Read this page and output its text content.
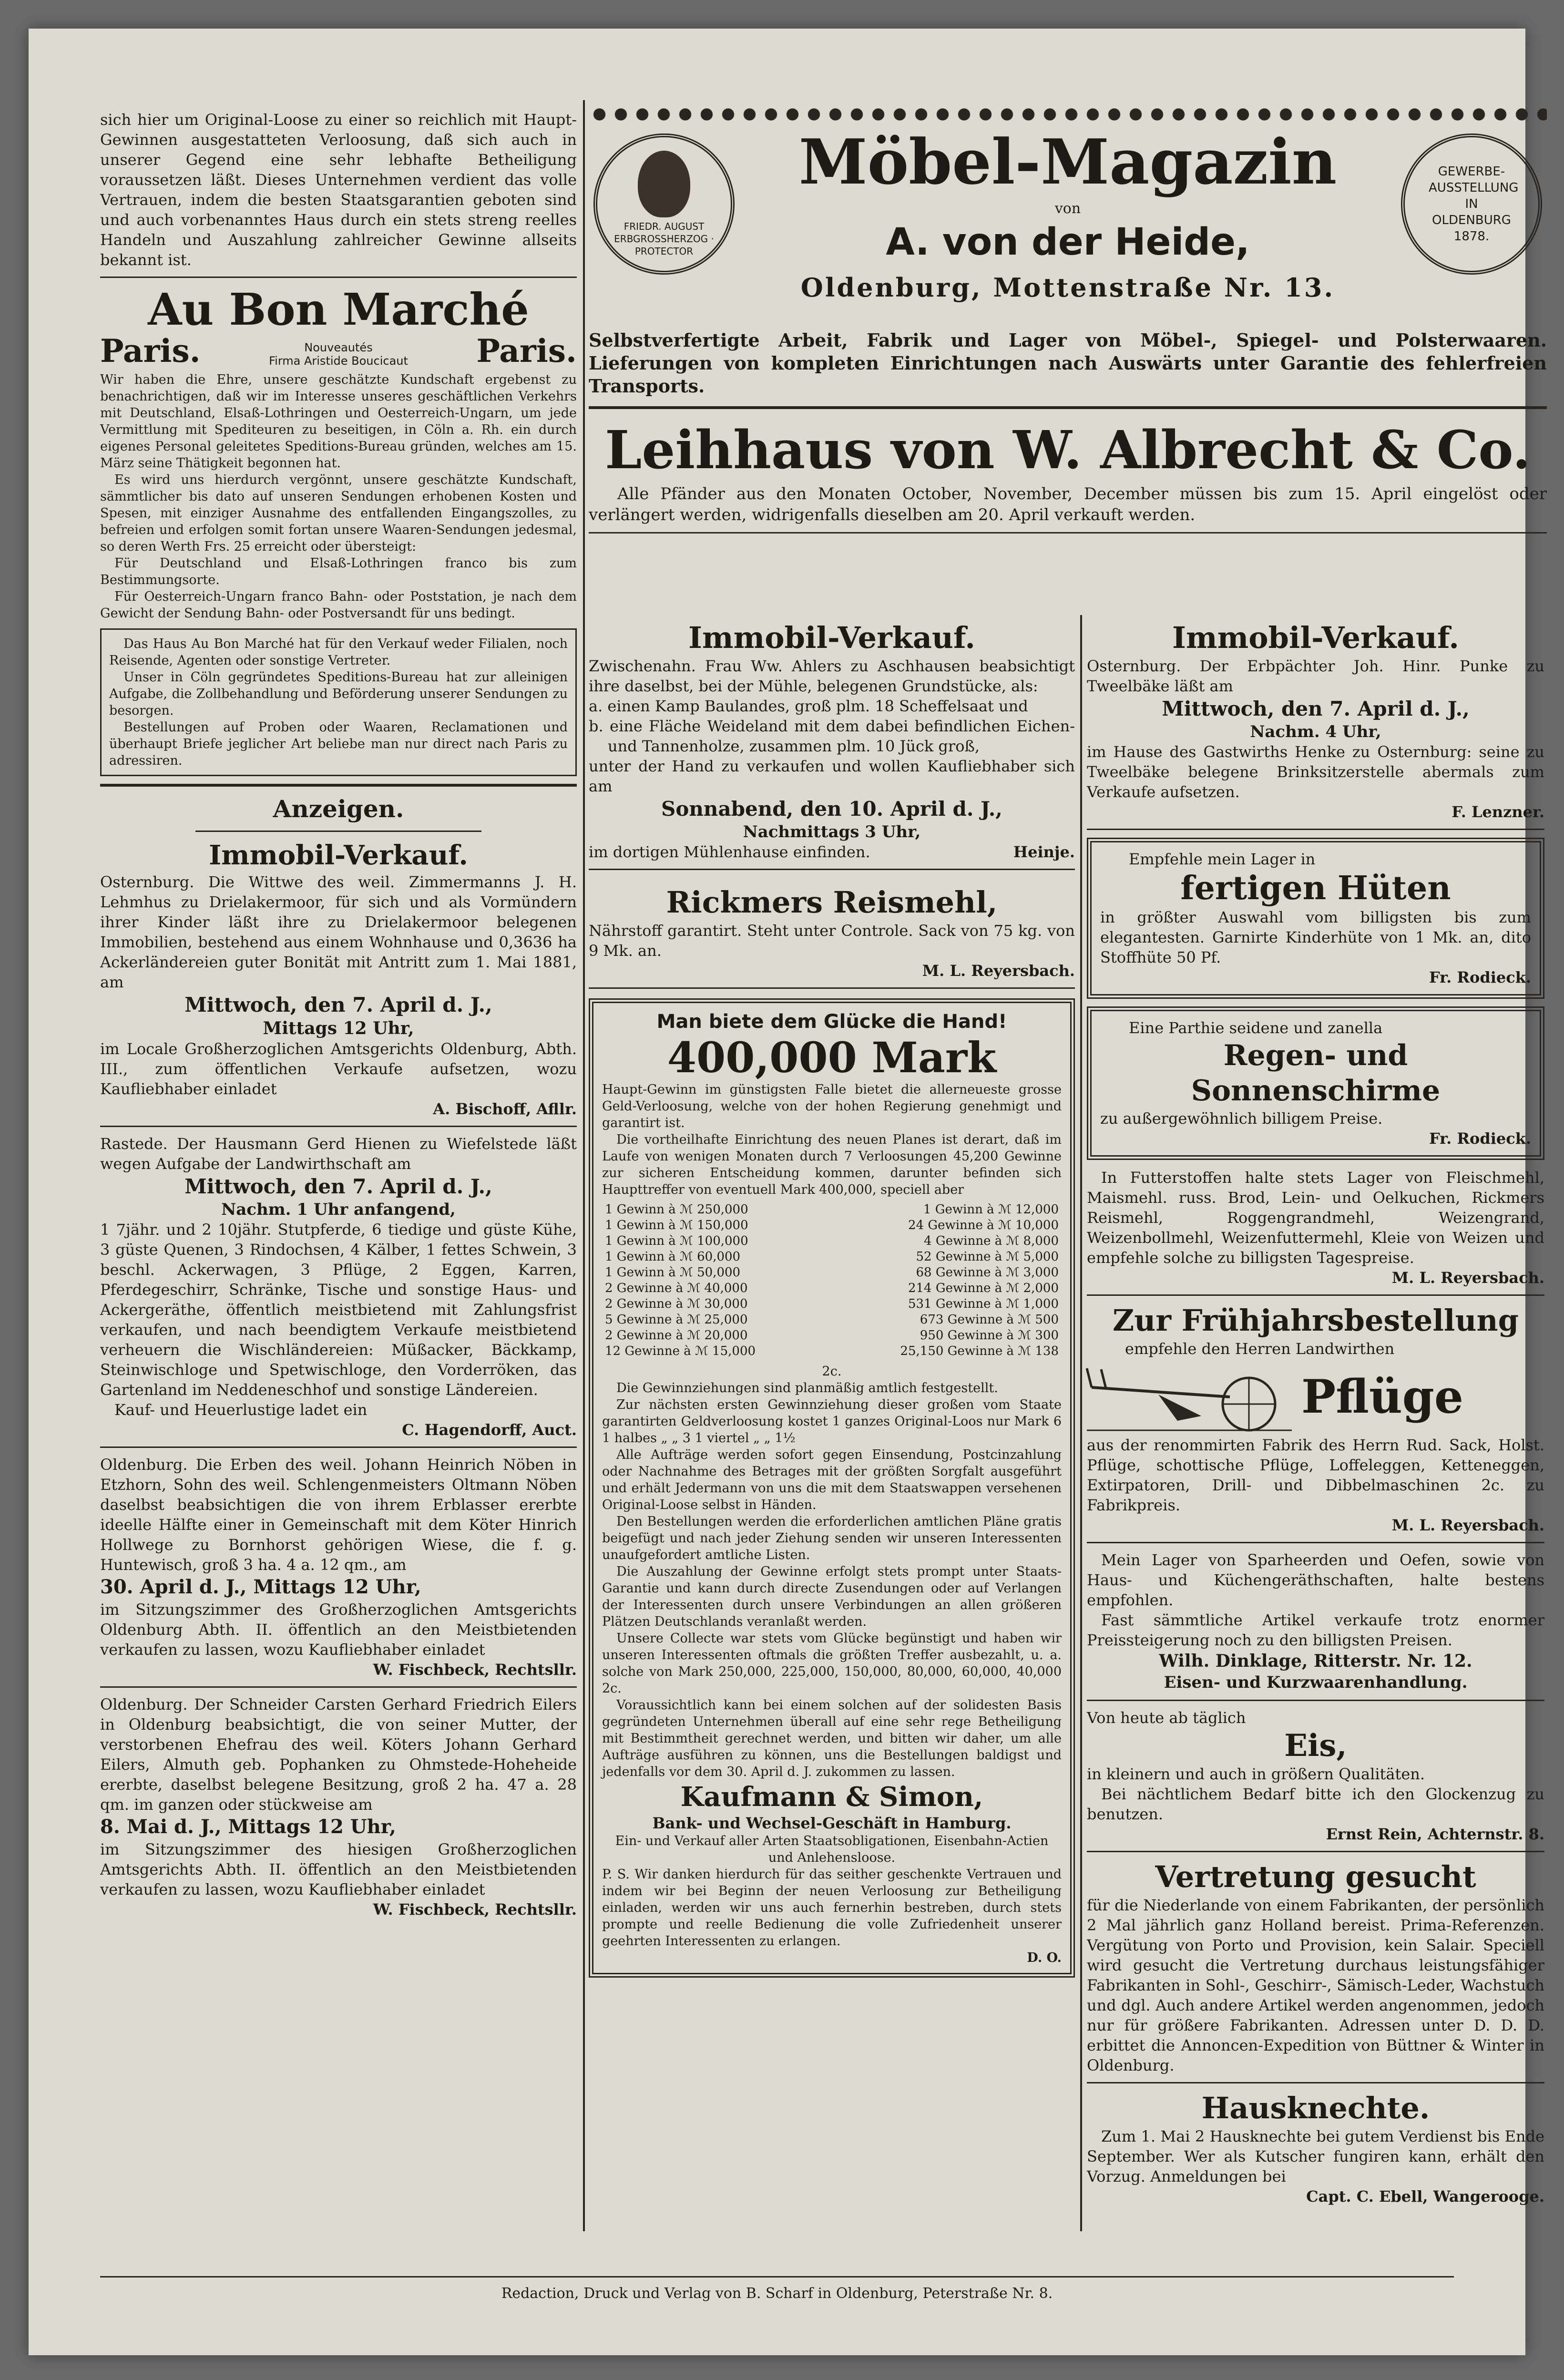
sich hier um Original-Loose zu einer so reichlich mit Haupt-Gewinnen ausgestatteten Verloosung, daß sich auch in unserer Gegend eine sehr lebhafte Betheiligung voraussetzen läßt. Dieses Unternehmen verdient das volle Vertrauen, indem die besten Staatsgarantien geboten sind und auch vorbenanntes Haus durch ein stets streng reelles Handeln und Auszahlung zahlreicher Gewinne allseits bekannt ist.

Au Bon Marché

Paris.	Nouveautés
Firma Aristide Boucicaut Paris.

Wir haben die Ehre, unsere geschätzte Kundschaft ergebenst zu benachrichtigen, daß wir im Interesse unseres geschäftlichen Verkehrs mit Deutschland, Elsaß-Lothringen und Oesterreich-Ungarn, um jede Vermittlung mit Spediteuren zu beseitigen, in Cöln a. Rh. ein durch eigenes Personal geleitetes Speditions-Bureau gründen, welches am 15. März seine Thätigkeit begonnen hat.

Es wird uns hierdurch vergönnt, unsere geschätzte Kundschaft, sämmtlicher bis dato auf unseren Sendungen erhobenen Kosten und Spesen, mit einziger Ausnahme des entfallenden Eingangszolles, zu befreien und erfolgen somit fortan unsere Waaren-Sendungen jedesmal, so deren Werth Frs. 25 erreicht oder übersteigt:

Für Deutschland und Elsaß-Lothringen franco bis zum Bestimmungsorte.

Für Oesterreich-Ungarn franco Bahn- oder Poststation, je nach dem Gewicht der Sendung Bahn- oder Postversandt für uns bedingt.

Das Haus Au Bon Marché hat für den Verkauf weder Filialen, noch Reisende, Agenten oder sonstige Vertreter.

Unser in Cöln gegründetes Speditions-Bureau hat zur alleinigen Aufgabe, die Zollbehandlung und Beförderung unserer Sendungen zu besorgen.

Bestellungen auf Proben oder Waaren, Reclamationen und überhaupt Briefe jeglicher Art beliebe man nur direct nach Paris zu adressiren.

Anzeigen.

Immobil-Verkauf.

Osternburg. Die Wittwe des weil. Zimmermanns J. H. Lehmhus zu Drielakermoor, für sich und als Vormündern ihrer Kinder läßt ihre zu Drielakermoor belegenen Immobilien, bestehend aus einem Wohnhause und 0,3636 ha Ackerländereien guter Bonität mit Antritt zum 1. Mai 1881, am

Mittwoch, den 7. April d. J.,

Mittags 12 Uhr,

im Locale Großherzoglichen Amtsgerichts Oldenburg, Abth. III., zum öffentlichen Verkaufe aufsetzen, wozu Kaufliebhaber einladet

A. Bischoff, Afllr.

Rastede. Der Hausmann Gerd Hienen zu Wiefelstede läßt wegen Aufgabe der Landwirthschaft am

Mittwoch, den 7. April d. J.,

Nachm. 1 Uhr anfangend,

1 7jähr. und 2 10jähr. Stutpferde, 6 tiedige und güste Kühe, 3 güste Quenen, 3 Rindochsen, 4 Kälber, 1 fettes Schwein, 3 beschl. Ackerwagen, 3 Pflüge, 2 Eggen, Karren, Pferdegeschirr, Schränke, Tische und sonstige Haus- und Ackergeräthe, öffentlich meistbietend mit Zahlungsfrist verkaufen, und nach beendigtem Verkaufe meistbietend verheuern die Wischländereien: Müßacker, Bäckkamp, Steinwischloge und Spetwischloge, den Vorderröken, das Gartenland im Neddeneschhof und sonstige Ländereien.

Kauf- und Heuerlustige ladet ein

C. Hagendorff, Auct.

Oldenburg. Die Erben des weil. Johann Heinrich Nöben in Etzhorn, Sohn des weil. Schlengenmeisters Oltmann Nöben daselbst beabsichtigen die von ihrem Erblasser ererbte ideelle Hälfte einer in Gemeinschaft mit dem Köter Hinrich Hollwege zu Bornhorst gehörigen Wiese, die f. g. Huntewisch, groß 3 ha. 4 a. 12 qm., am

30. April d. J., Mittags 12 Uhr,

im Sitzungszimmer des Großherzoglichen Amtsgerichts Oldenburg Abth. II. öffentlich an den Meistbietenden verkaufen zu lassen, wozu Kaufliebhaber einladet

W. Fischbeck, Rechtsllr.

Oldenburg. Der Schneider Carsten Gerhard Friedrich Eilers in Oldenburg beabsichtigt, die von seiner Mutter, der verstorbenen Ehefrau des weil. Köters Johann Gerhard Eilers, Almuth geb. Pophanken zu Ohmstede-Hoheheide ererbte, daselbst belegene Besitzung, groß 2 ha. 47 a. 28 qm. im ganzen oder stückweise am

8. Mai d. J., Mittags 12 Uhr,

im Sitzungszimmer des hiesigen Großherzoglichen Amtsgerichts Abth. II. öffentlich an den Meistbietenden verkaufen zu lassen, wozu Kaufliebhaber einladet

W. Fischbeck, Rechtsllr.

FRIEDR. AUGUST ERBGROSSHERZOG · PROTECTOR
GEWERBE-AUSSTELLUNG IN OLDENBURG 1878.

Möbel-Magazin

von

A. von der Heide,

Oldenburg, Mottenstraße Nr. 13.

Selbstverfertigte Arbeit, Fabrik und Lager von Möbel-, Spiegel- und Polsterwaaren. Lieferungen von kompleten Einrichtungen nach Auswärts unter Garantie des fehlerfreien Transports.

Leihhaus von W. Albrecht & Co.

Alle Pfänder aus den Monaten October, November, December müssen bis zum 15. April eingelöst oder verlängert werden, widrigenfalls dieselben am 20. April verkauft werden.

Immobil-Verkauf.

Zwischenahn. Frau Ww. Ahlers zu Aschhausen beabsichtigt ihre daselbst, bei der Mühle, belegenen Grundstücke, als:

a. einen Kamp Baulandes, groß plm. 18 Scheffelsaat und

b. eine Fläche Weideland mit dem dabei befindlichen Eichen- und Tannenholze, zusammen plm. 10 Jück groß,

unter der Hand zu verkaufen und wollen Kaufliebhaber sich am

Sonnabend, den 10. April d. J.,

Nachmittags 3 Uhr,

im dortigen Mühlenhause einfinden.	Heinje.

Rickmers Reismehl,

Nährstoff garantirt. Steht unter Controle. Sack von 75 kg. von 9 Mk. an.

M. L. Reyersbach.

Man biete dem Glücke die Hand!

400,000 Mark

Haupt-Gewinn im günstigsten Falle bietet die allerneueste grosse Geld-Verloosung, welche von der hohen Regierung genehmigt und garantirt ist.

Die vortheilhafte Einrichtung des neuen Planes ist derart, daß im Laufe von wenigen Monaten durch 7 Verloosungen 45,200 Gewinne zur sicheren Entscheidung kommen, darunter befinden sich Haupttreffer von eventuell Mark 400,000, speciell aber

1 Gewinn à ℳ 250,000	1 Gewinn à ℳ 12,000
1 Gewinn à ℳ 150,000	24 Gewinne à ℳ 10,000
1 Gewinn à ℳ 100,000	4 Gewinne à ℳ 8,000
1 Gewinn à ℳ 60,000	52 Gewinne à ℳ 5,000
1 Gewinn à ℳ 50,000	68 Gewinne à ℳ 3,000
2 Gewinne à ℳ 40,000	214 Gewinne à ℳ 2,000
2 Gewinne à ℳ 30,000	531 Gewinne à ℳ 1,000
5 Gewinne à ℳ 25,000	673 Gewinne à ℳ 500
2 Gewinne à ℳ 20,000	950 Gewinne à ℳ 300
12 Gewinne à ℳ 15,000	25,150 Gewinne à ℳ 138

2c.

Die Gewinnziehungen sind planmäßig amtlich festgestellt.

Zur nächsten ersten Gewinnziehung dieser großen vom Staate garantirten Geldverloosung kostet 1 ganzes Original-Loos nur Mark 6 1 halbes „ „ 3 1 viertel „ „ 1½

Alle Aufträge werden sofort gegen Einsendung, Postcinzahlung oder Nachnahme des Betrages mit der größten Sorgfalt ausgeführt und erhält Jedermann von uns die mit dem Staatswappen versehenen Original-Loose selbst in Händen.

Den Bestellungen werden die erforderlichen amtlichen Pläne gratis beigefügt und nach jeder Ziehung senden wir unseren Interessenten unaufgefordert amtliche Listen.

Die Auszahlung der Gewinne erfolgt stets prompt unter Staats-Garantie und kann durch directe Zusendungen oder auf Verlangen der Interessenten durch unsere Verbindungen an allen größeren Plätzen Deutschlands veranlaßt werden.

Unsere Collecte war stets vom Glücke begünstigt und haben wir unseren Interessenten oftmals die größten Treffer ausbezahlt, u. a. solche von Mark 250,000, 225,000, 150,000, 80,000, 60,000, 40,000 2c.

Voraussichtlich kann bei einem solchen auf der solidesten Basis gegründeten Unternehmen überall auf eine sehr rege Betheiligung mit Bestimmtheit gerechnet werden, und bitten wir daher, um alle Aufträge ausführen zu können, uns die Bestellungen baldigst und jedenfalls vor dem 30. April d. J. zukommen zu lassen.

Kaufmann & Simon,

Bank- und Wechsel-Geschäft in Hamburg.

Ein- und Verkauf aller Arten Staatsobligationen, Eisenbahn-Actien und Anlehensloose.

P. S. Wir danken hierdurch für das seither geschenkte Vertrauen und indem wir bei Beginn der neuen Verloosung zur Betheiligung einladen, werden wir uns auch fernerhin bestreben, durch stets prompte und reelle Bedienung die volle Zufriedenheit unserer geehrten Interessenten zu erlangen.

D. O.

Immobil-Verkauf.

Osternburg. Der Erbpächter Joh. Hinr. Punke zu Tweelbäke läßt am

Mittwoch, den 7. April d. J.,

Nachm. 4 Uhr,

im Hause des Gastwirths Henke zu Osternburg: seine zu Tweelbäke belegene Brinksitzerstelle abermals zum Verkaufe aufsetzen.

F. Lenzner.

Empfehle mein Lager in

fertigen Hüten

in größter Auswahl vom billigsten bis zum elegantesten. Garnirte Kinderhüte von 1 Mk. an, dito Stoffhüte 50 Pf.

Fr. Rodieck.

Eine Parthie seidene und zanella

Regen- und Sonnenschirme

zu außergewöhnlich billigem Preise.

Fr. Rodieck.

In Futterstoffen halte stets Lager von Fleischmehl, Maismehl. russ. Brod, Lein- und Oelkuchen, Rickmers Reismehl, Roggengrandmehl, Weizengrand, Weizenbollmehl, Weizenfuttermehl, Kleie von Weizen und empfehle solche zu billigsten Tagespreise.

M. L. Reyersbach.

Zur Frühjahrsbestellung

empfehle den Herren Landwirthen

Pflüge

aus der renommirten Fabrik des Herrn Rud. Sack, Holst. Pflüge, schottische Pflüge, Loffeleggen, Ketteneggen, Extirpatoren, Drill- und Dibbelmaschinen 2c. zu Fabrikpreis.

M. L. Reyersbach.

Mein Lager von Sparheerden und Oefen, sowie von Haus- und Küchengeräthschaften, halte bestens empfohlen.

Fast sämmtliche Artikel verkaufe trotz enormer Preissteigerung noch zu den billigsten Preisen.

Wilh. Dinklage, Ritterstr. Nr. 12.

Eisen- und Kurzwaarenhandlung.

Von heute ab täglich

Eis,

in kleinern und auch in größern Qualitäten.

Bei nächtlichem Bedarf bitte ich den Glockenzug zu benutzen.

Ernst Rein, Achternstr. 8.

Vertretung gesucht

für die Niederlande von einem Fabrikanten, der persönlich 2 Mal jährlich ganz Holland bereist. Prima-Referenzen. Vergütung von Porto und Provision, kein Salair. Speciell wird gesucht die Vertretung durchaus leistungsfähiger Fabrikanten in Sohl-, Geschirr-, Sämisch-Leder, Wachstuch und dgl. Auch andere Artikel werden angenommen, jedoch nur für größere Fabrikanten. Adressen unter D. D. D. erbittet die Annoncen-Expedition von Büttner & Winter in Oldenburg.

Hausknechte.

Zum 1. Mai 2 Hausknechte bei gutem Verdienst bis Ende September. Wer als Kutscher fungiren kann, erhält den Vorzug. Anmeldungen bei

Capt. C. Ebell, Wangerooge.

Redaction, Druck und Verlag von B. Scharf in Oldenburg, Peterstraße Nr. 8.
